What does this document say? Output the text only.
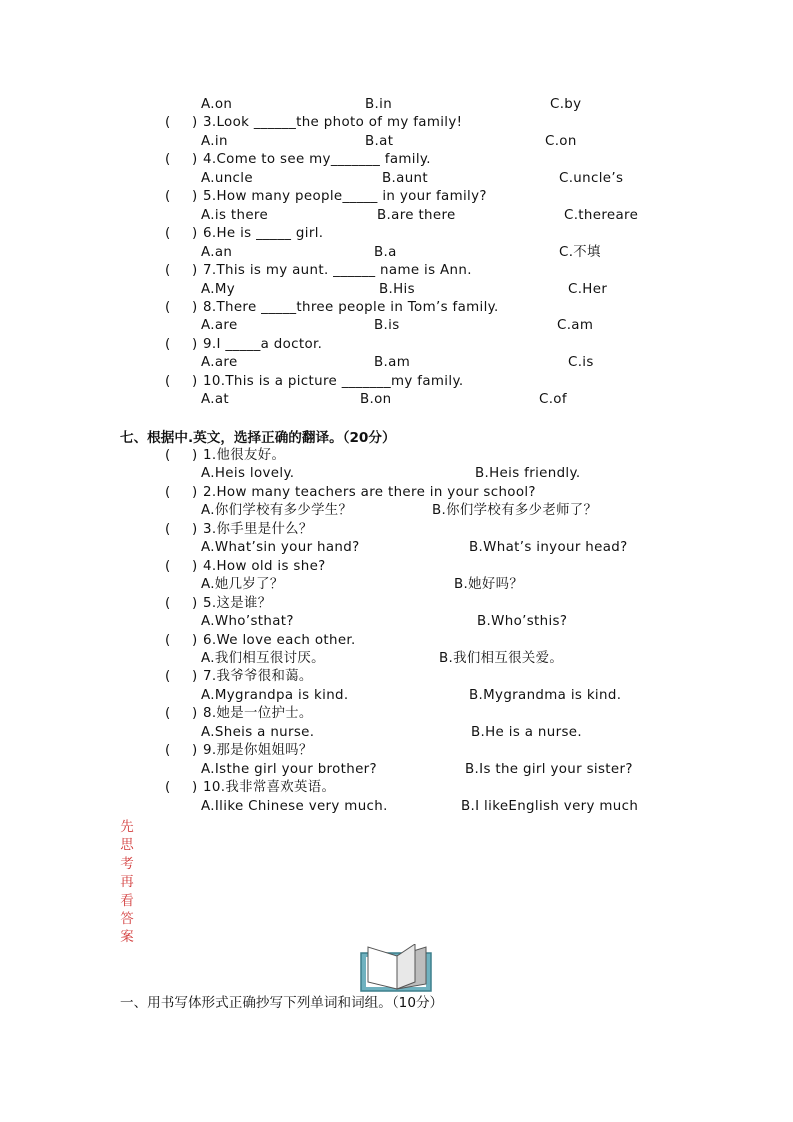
A.on	B.in	C.by
( ) 3.Look ______the photo of my family!
A.in	B.at	C.on
( ) 4.Come to see my_______ family.
A.uncle	B.aunt	C.uncle’s
( ) 5.How many people_____ in your family?
A.is there	B.are there	C.thereare
( ) 6.He is _____ girl.
A.an	B.a	C.不填
( ) 7.This is my aunt. ______ name is Ann.
A.My	B.His	C.Her
( ) 8.There _____three people in Tom’s family.
A.are	B.is	C.am
( ) 9.I _____a doctor.
A.are	B.am	C.is
( ) 10.This is a picture _______my family.
A.at	B.on	C.of
七、根据中.英文，选择正确的翻译。（20分）
( ) 1.他很友好。
A.Heis lovely.	B.Heis friendly.
( ) 2.How many teachers are there in your school?
A.你们学校有多少学生？	B.你们学校有多少老师了？
( ) 3.你手里是什么？
A.What’sin your hand?	B.What’s inyour head?
( ) 4.How old is she?
A.她几岁了？	B.她好吗？
( ) 5.这是谁？
A.Who’sthat?	B.Who’sthis?
( ) 6.We love each other.
A.我们相互很讨厌。	B.我们相互很关爱。
( ) 7.我爷爷很和蔼。
A.Mygrandpa is kind.	B.Mygrandma is kind.
( ) 8.她是一位护士。
A.Sheis a nurse.	B.He is a nurse.
( ) 9.那是你姐姐吗？
A.Isthe girl your brother?	B.Is the girl your sister?
( ) 10.我非常喜欢英语。
A.Ilike Chinese very much.	B.I likeEnglish very much
先
思
考
再
看
答
案
一、用书写体形式正确抄写下列单词和词组。（10分）
